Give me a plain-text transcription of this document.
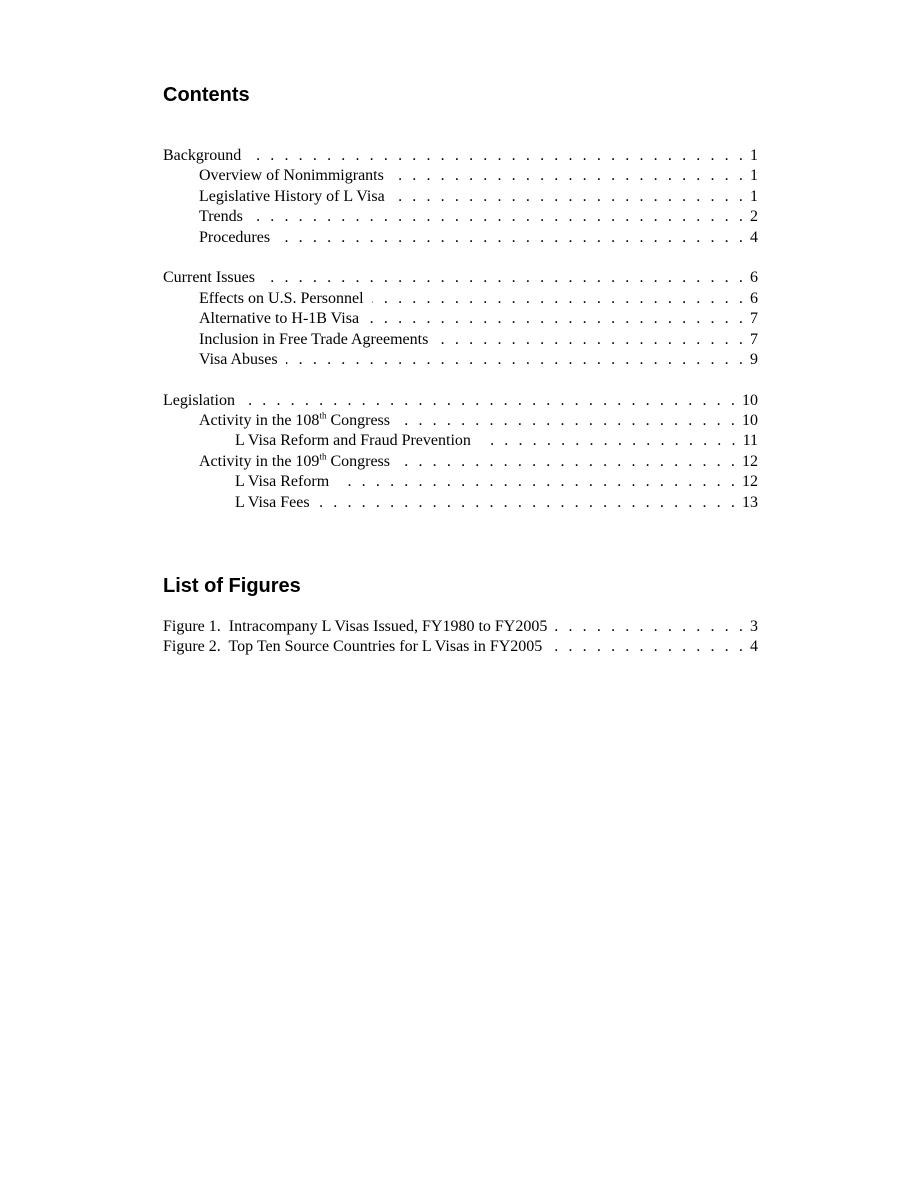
Contents
Background . . .	1
Overview of Nonimmigrants . . .	1
Legislative History of L Visa . . .	1
Trends . . .	2
Procedures . . .	4
Current Issues . . .	6
Effects on U.S. Personnel . . .	6
Alternative to H-1B Visa . . .	7
Inclusion in Free Trade Agreements . . .	7
Visa Abuses . . .	9
Legislation . . .	10
Activity in the 108th Congress . . .	10
L Visa Reform and Fraud Prevention . . .	11
Activity in the 109th Congress . . .	12
L Visa Reform . . .	12
L Visa Fees . . .	13
List of Figures
Figure 1.  Intracompany L Visas Issued, FY1980 to FY2005 . . .	3
Figure 2.  Top Ten Source Countries for L Visas in FY2005 . . .	4
